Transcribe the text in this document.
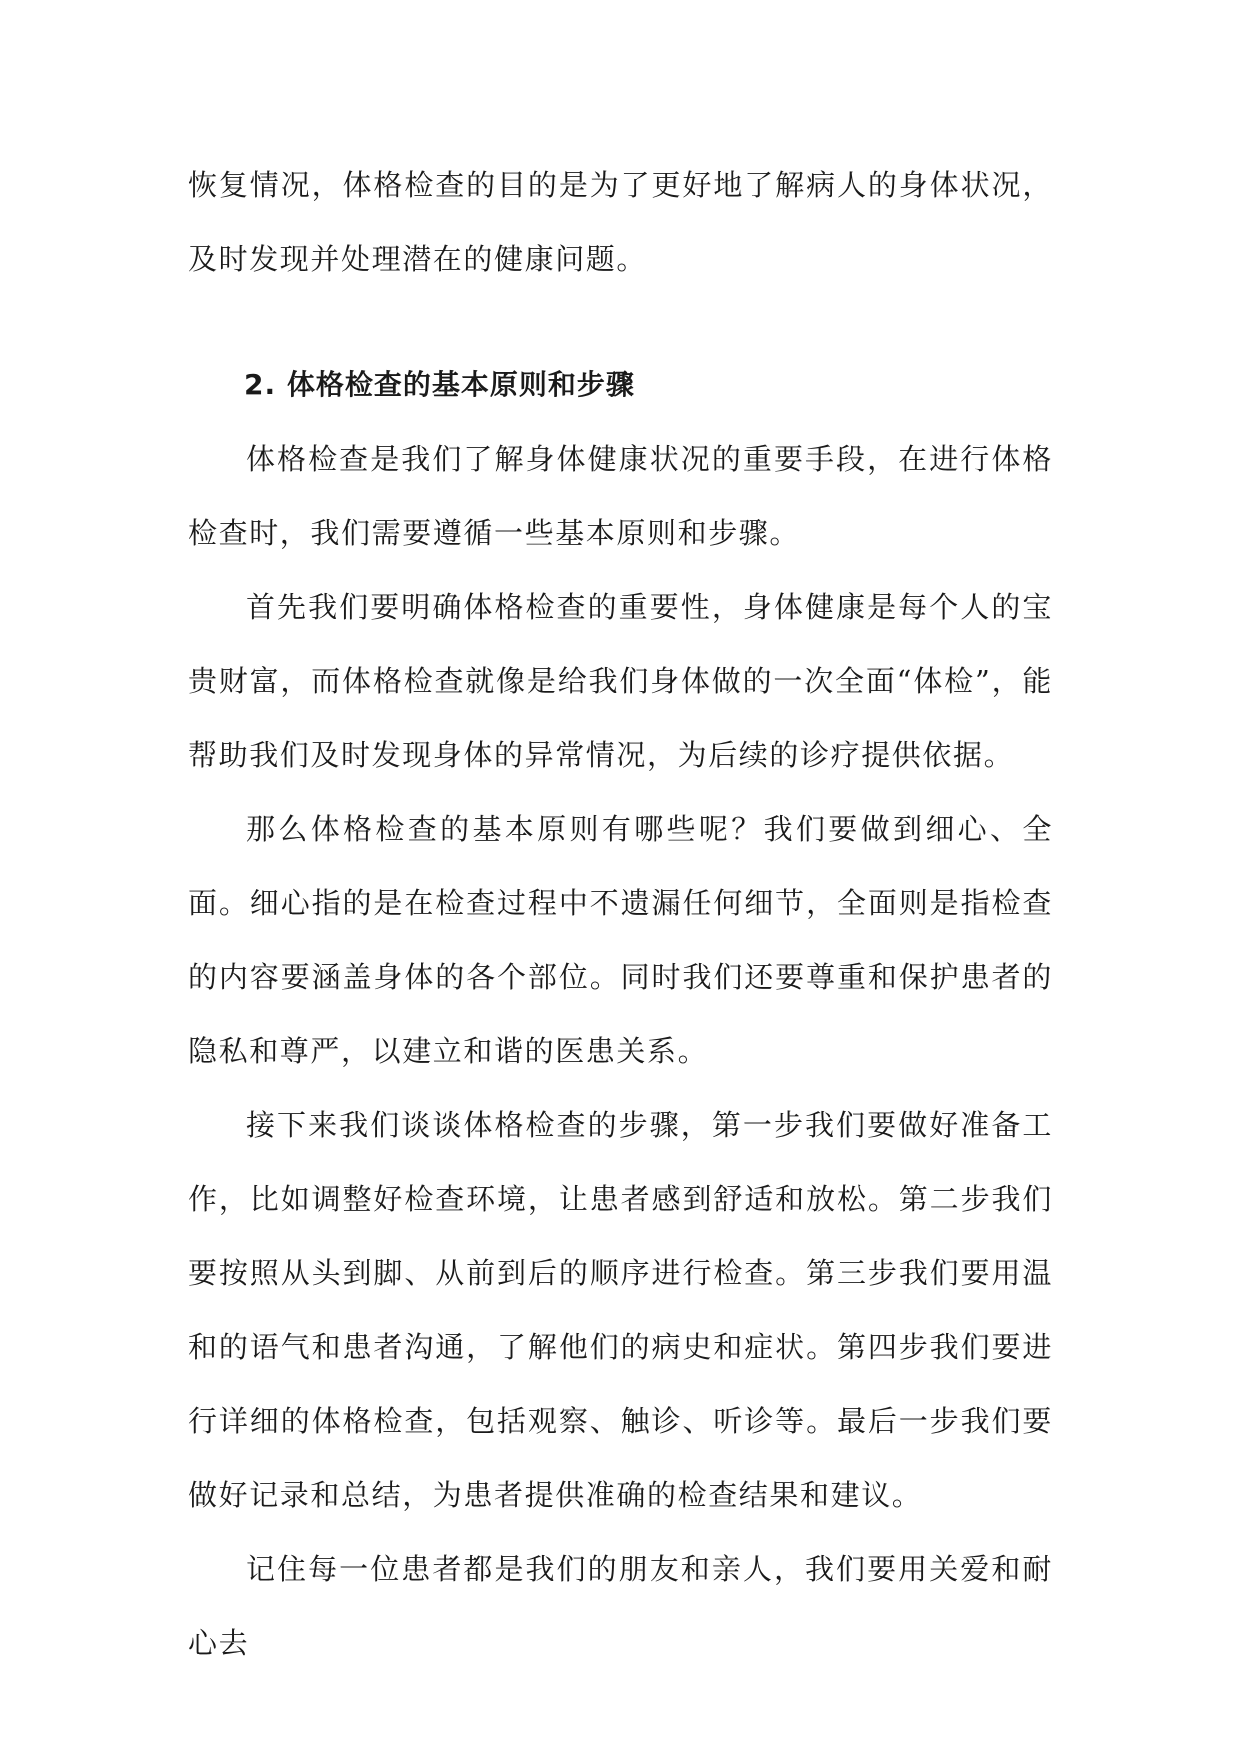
恢复情况，体格检查的目的是为了更好地了解病人的身体状况，及时发现并处理潜在的健康问题。

2. 体格检查的基本原则和步骤

体格检查是我们了解身体健康状况的重要手段，在进行体格检查时，我们需要遵循一些基本原则和步骤。

首先我们要明确体格检查的重要性，身体健康是每个人的宝贵财富，而体格检查就像是给我们身体做的一次全面“体检”，能帮助我们及时发现身体的异常情况，为后续的诊疗提供依据。

那么体格检查的基本原则有哪些呢？我们要做到细心、全面。细心指的是在检查过程中不遗漏任何细节，全面则是指检查的内容要涵盖身体的各个部位。同时我们还要尊重和保护患者的隐私和尊严，以建立和谐的医患关系。

接下来我们谈谈体格检查的步骤，第一步我们要做好准备工作，比如调整好检查环境，让患者感到舒适和放松。第二步我们要按照从头到脚、从前到后的顺序进行检查。第三步我们要用温和的语气和患者沟通，了解他们的病史和症状。第四步我们要进行详细的体格检查，包括观察、触诊、听诊等。最后一步我们要做好记录和总结，为患者提供准确的检查结果和建议。

记住每一位患者都是我们的朋友和亲人，我们要用关爱和耐心去
